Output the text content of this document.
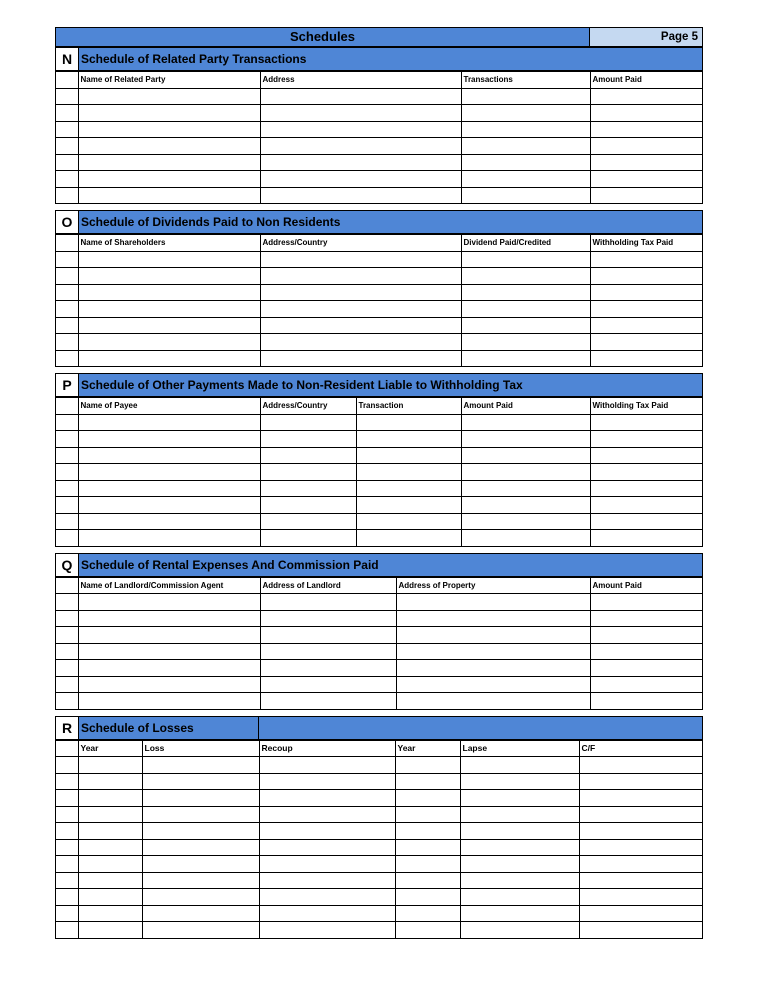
Schedules	Page 5
N Schedule of Related Party Transactions
	Name of Related Party	Address	Transactions	Amount Paid

O Schedule of Dividends Paid to Non Residents
	Name of Shareholders	Address/Country	Dividend Paid/Credited	Withholding Tax Paid

P Schedule of Other Payments Made to Non-Resident Liable to Withholding Tax
	Name of Payee	Address/Country	Transaction	Amount Paid	Witholding Tax Paid

Q Schedule of Rental Expenses And Commission Paid
	Name of Landlord/Commission Agent	Address of Landlord	Address of Property	Amount Paid

R Schedule of Losses
	Year	Loss	Recoup	Year	Lapse	C/F
